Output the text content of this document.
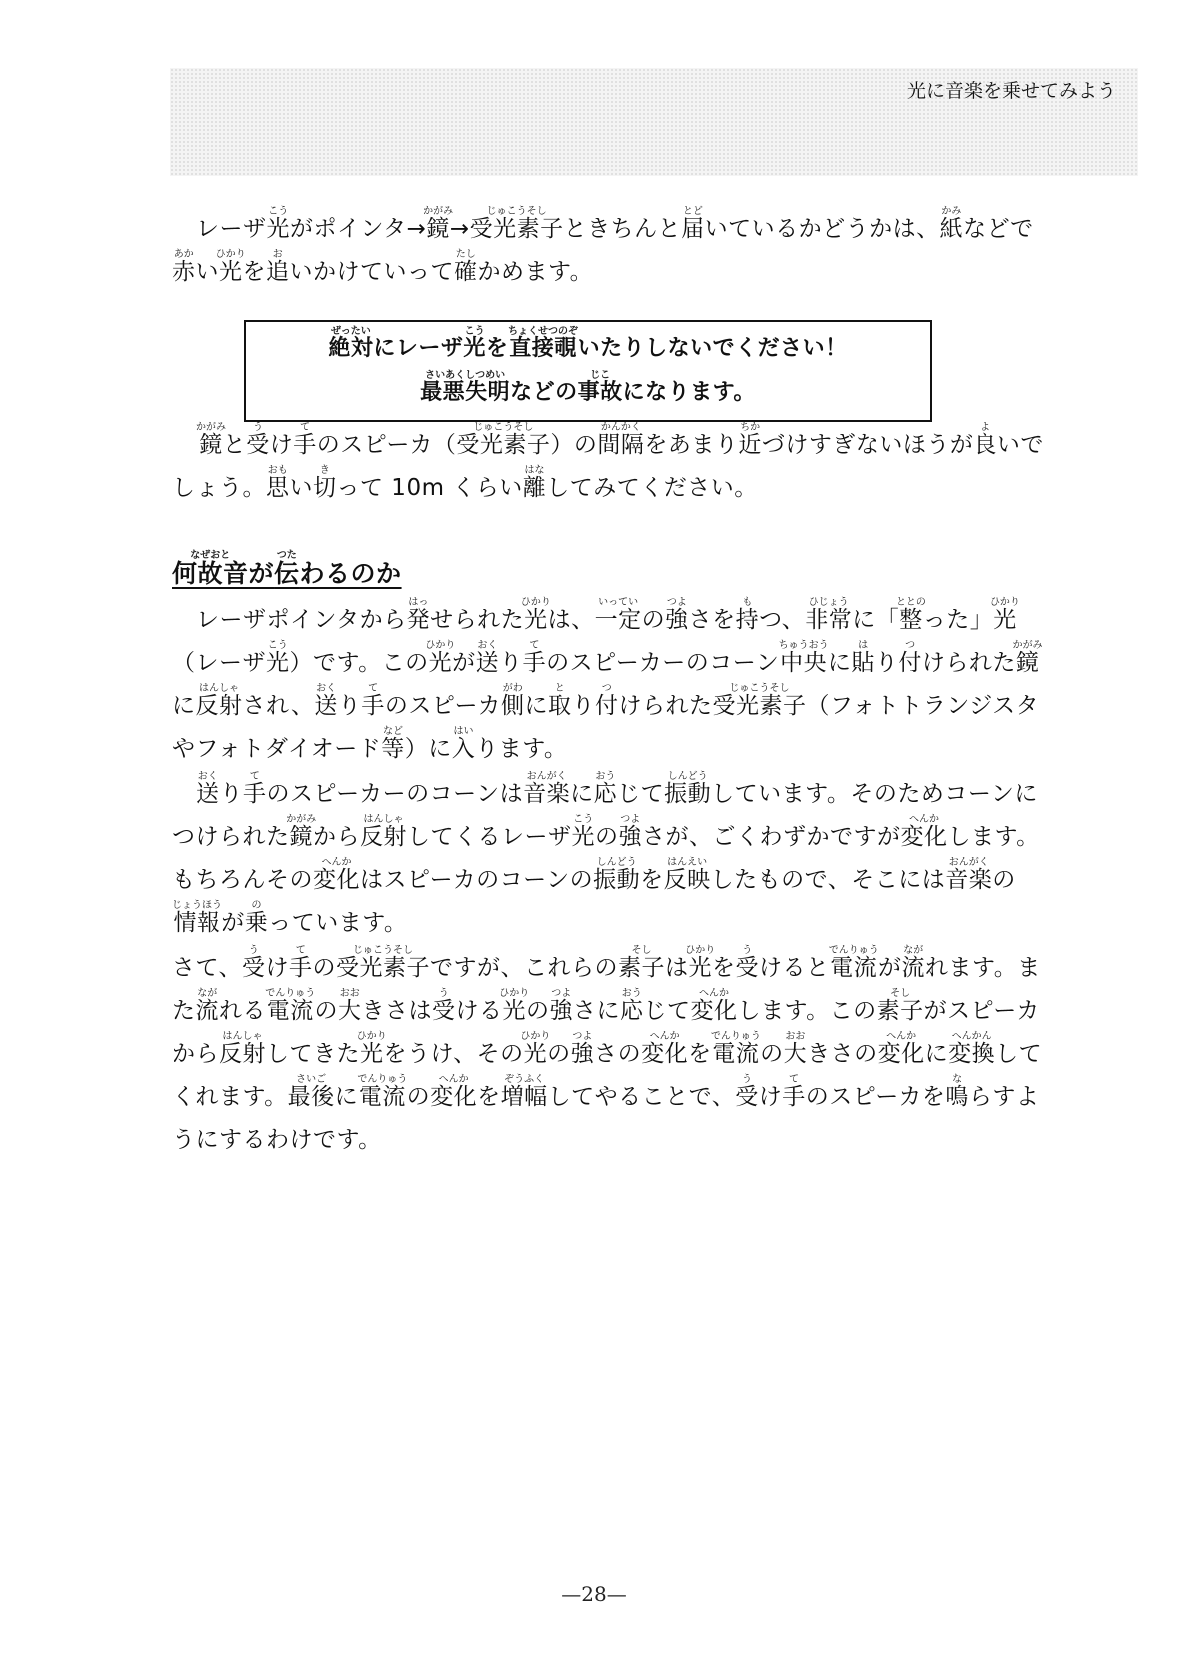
光に音楽を乗せてみよう

レーザ光こうがポインタ→鏡かがみ→受光素子じゅこうそしときちんと届とどいているかどうかは、紙かみなどで赤あかい光ひかりを追おいかけていって確たしかめます。

絶対ぜったいにレーザ光こうを直接覗ちょくせつのぞいたりしないでください！
最悪失明さいあくしつめいなどの事故じこになります。

鏡かがみと受うけ手てのスピーカ（受光素子じゅこうそし）の間隔かんかくをあまり近ちかづけすぎないほうが良よいでしょう。思おもい切きって 10m くらい離はなしてみてください。

何故音なぜおとが伝つたわるのか

レーザポインタから発はっせられた光ひかりは、一定いっていの強つよさを持もつ、非常ひじょうに「整ととのった」光ひかり（レーザ光こう）です。この光ひかりが送おくり手てのスピーカーのコーン中央ちゅうおうに貼はり付つけられた鏡かがみに反射はんしゃされ、送おくり手てのスピーカ側がわに取とり付つけられた受光素子じゅこうそし（フォトトランジスタやフォトダイオード等など）に入はいります。

送おくり手てのスピーカーのコーンは音楽おんがくに応おうじて振動しんどうしています。そのためコーンにつけられた鏡かがみから反射はんしゃしてくるレーザ光こうの強つよさが、ごくわずかですが変化へんかします。もちろんその変化へんかはスピーカのコーンの振動しんどうを反映はんえいしたもので、そこには音楽おんがくの情報じょうほうが乗のっています。

さて、受うけ手ての受光素子じゅこうそしですが、これらの素子そしは光ひかりを受うけると電流でんりゅうが流ながれます。また流ながれる電流でんりゅうの大おおきさは受うける光ひかりの強つよさに応おうじて変化へんかします。この素子そしがスピーカから反射はんしゃしてきた光ひかりをうけ、その光ひかりの強つよさの変化へんかを電流でんりゅうの大おおきさの変化へんかに変換へんかんしてくれます。最後さいごに電流でんりゅうの変化へんかを増幅ぞうふくしてやることで、受うけ手てのスピーカを鳴ならすようにするわけです。

—28—
